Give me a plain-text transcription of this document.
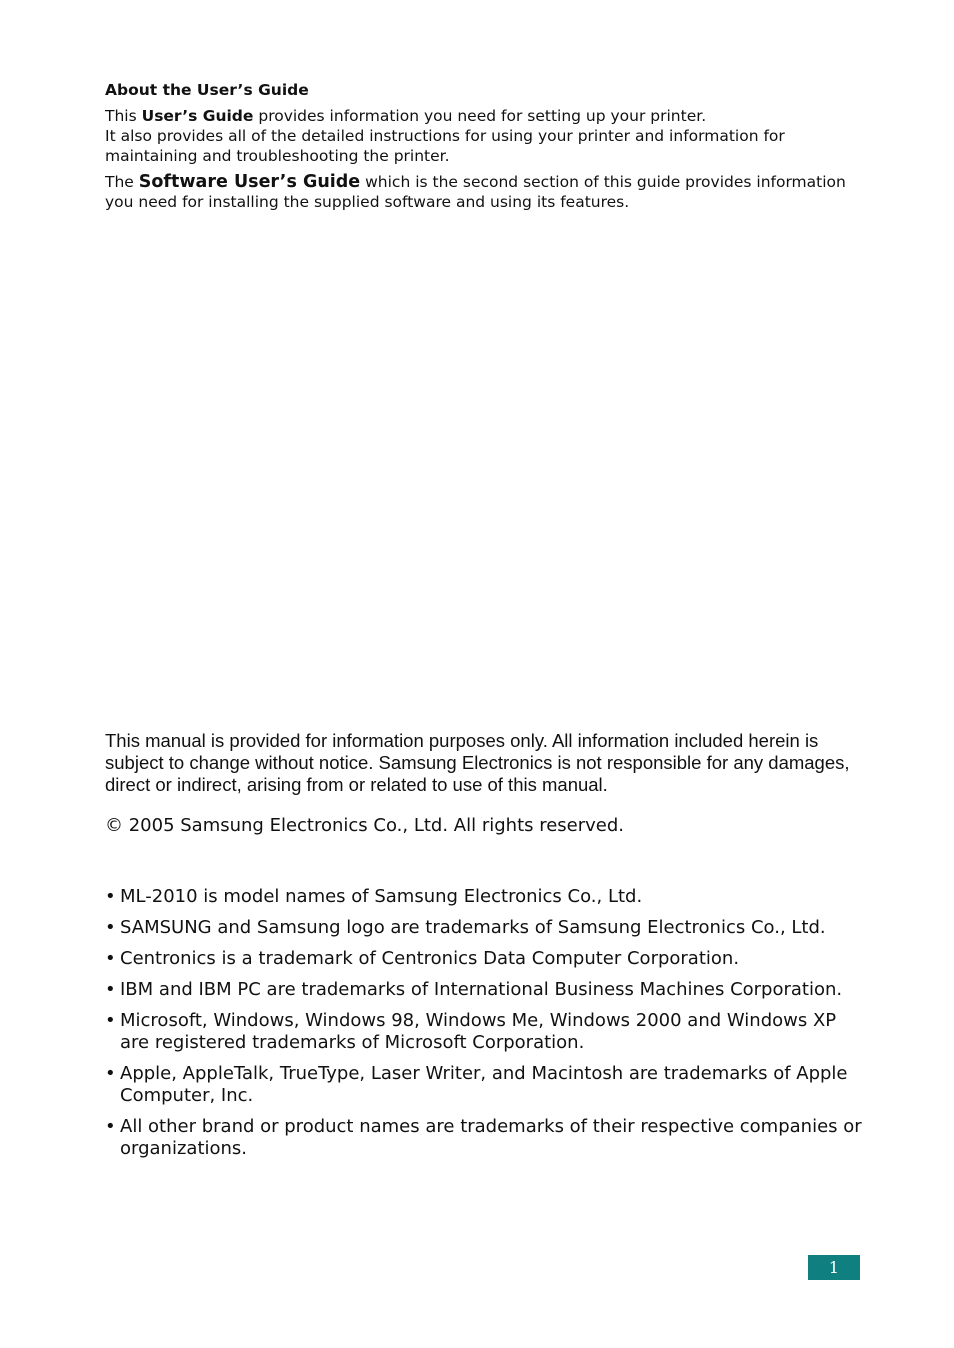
About the User’s Guide

This User’s Guide provides information you need for setting up your printer.
It also provides all of the detailed instructions for using your printer and information for maintaining and troubleshooting the printer.

The Software User’s Guide which is the second section of this guide provides information you need for installing the supplied software and using its features.

This manual is provided for information purposes only. All information included herein is subject to change without notice. Samsung Electronics is not responsible for any damages, direct or indirect, arising from or related to use of this manual.

© 2005 Samsung Electronics Co., Ltd. All rights reserved.

• ML-2010 is model names of Samsung Electronics Co., Ltd.
• SAMSUNG and Samsung logo are trademarks of Samsung Electronics Co., Ltd.
• Centronics is a trademark of Centronics Data Computer Corporation.
• IBM and IBM PC are trademarks of International Business Machines Corporation.
• Microsoft, Windows, Windows 98, Windows Me, Windows 2000 and Windows XP are registered trademarks of Microsoft Corporation.
• Apple, AppleTalk, TrueType, Laser Writer, and Macintosh are trademarks of Apple Computer, Inc.
• All other brand or product names are trademarks of their respective companies or organizations.
1
